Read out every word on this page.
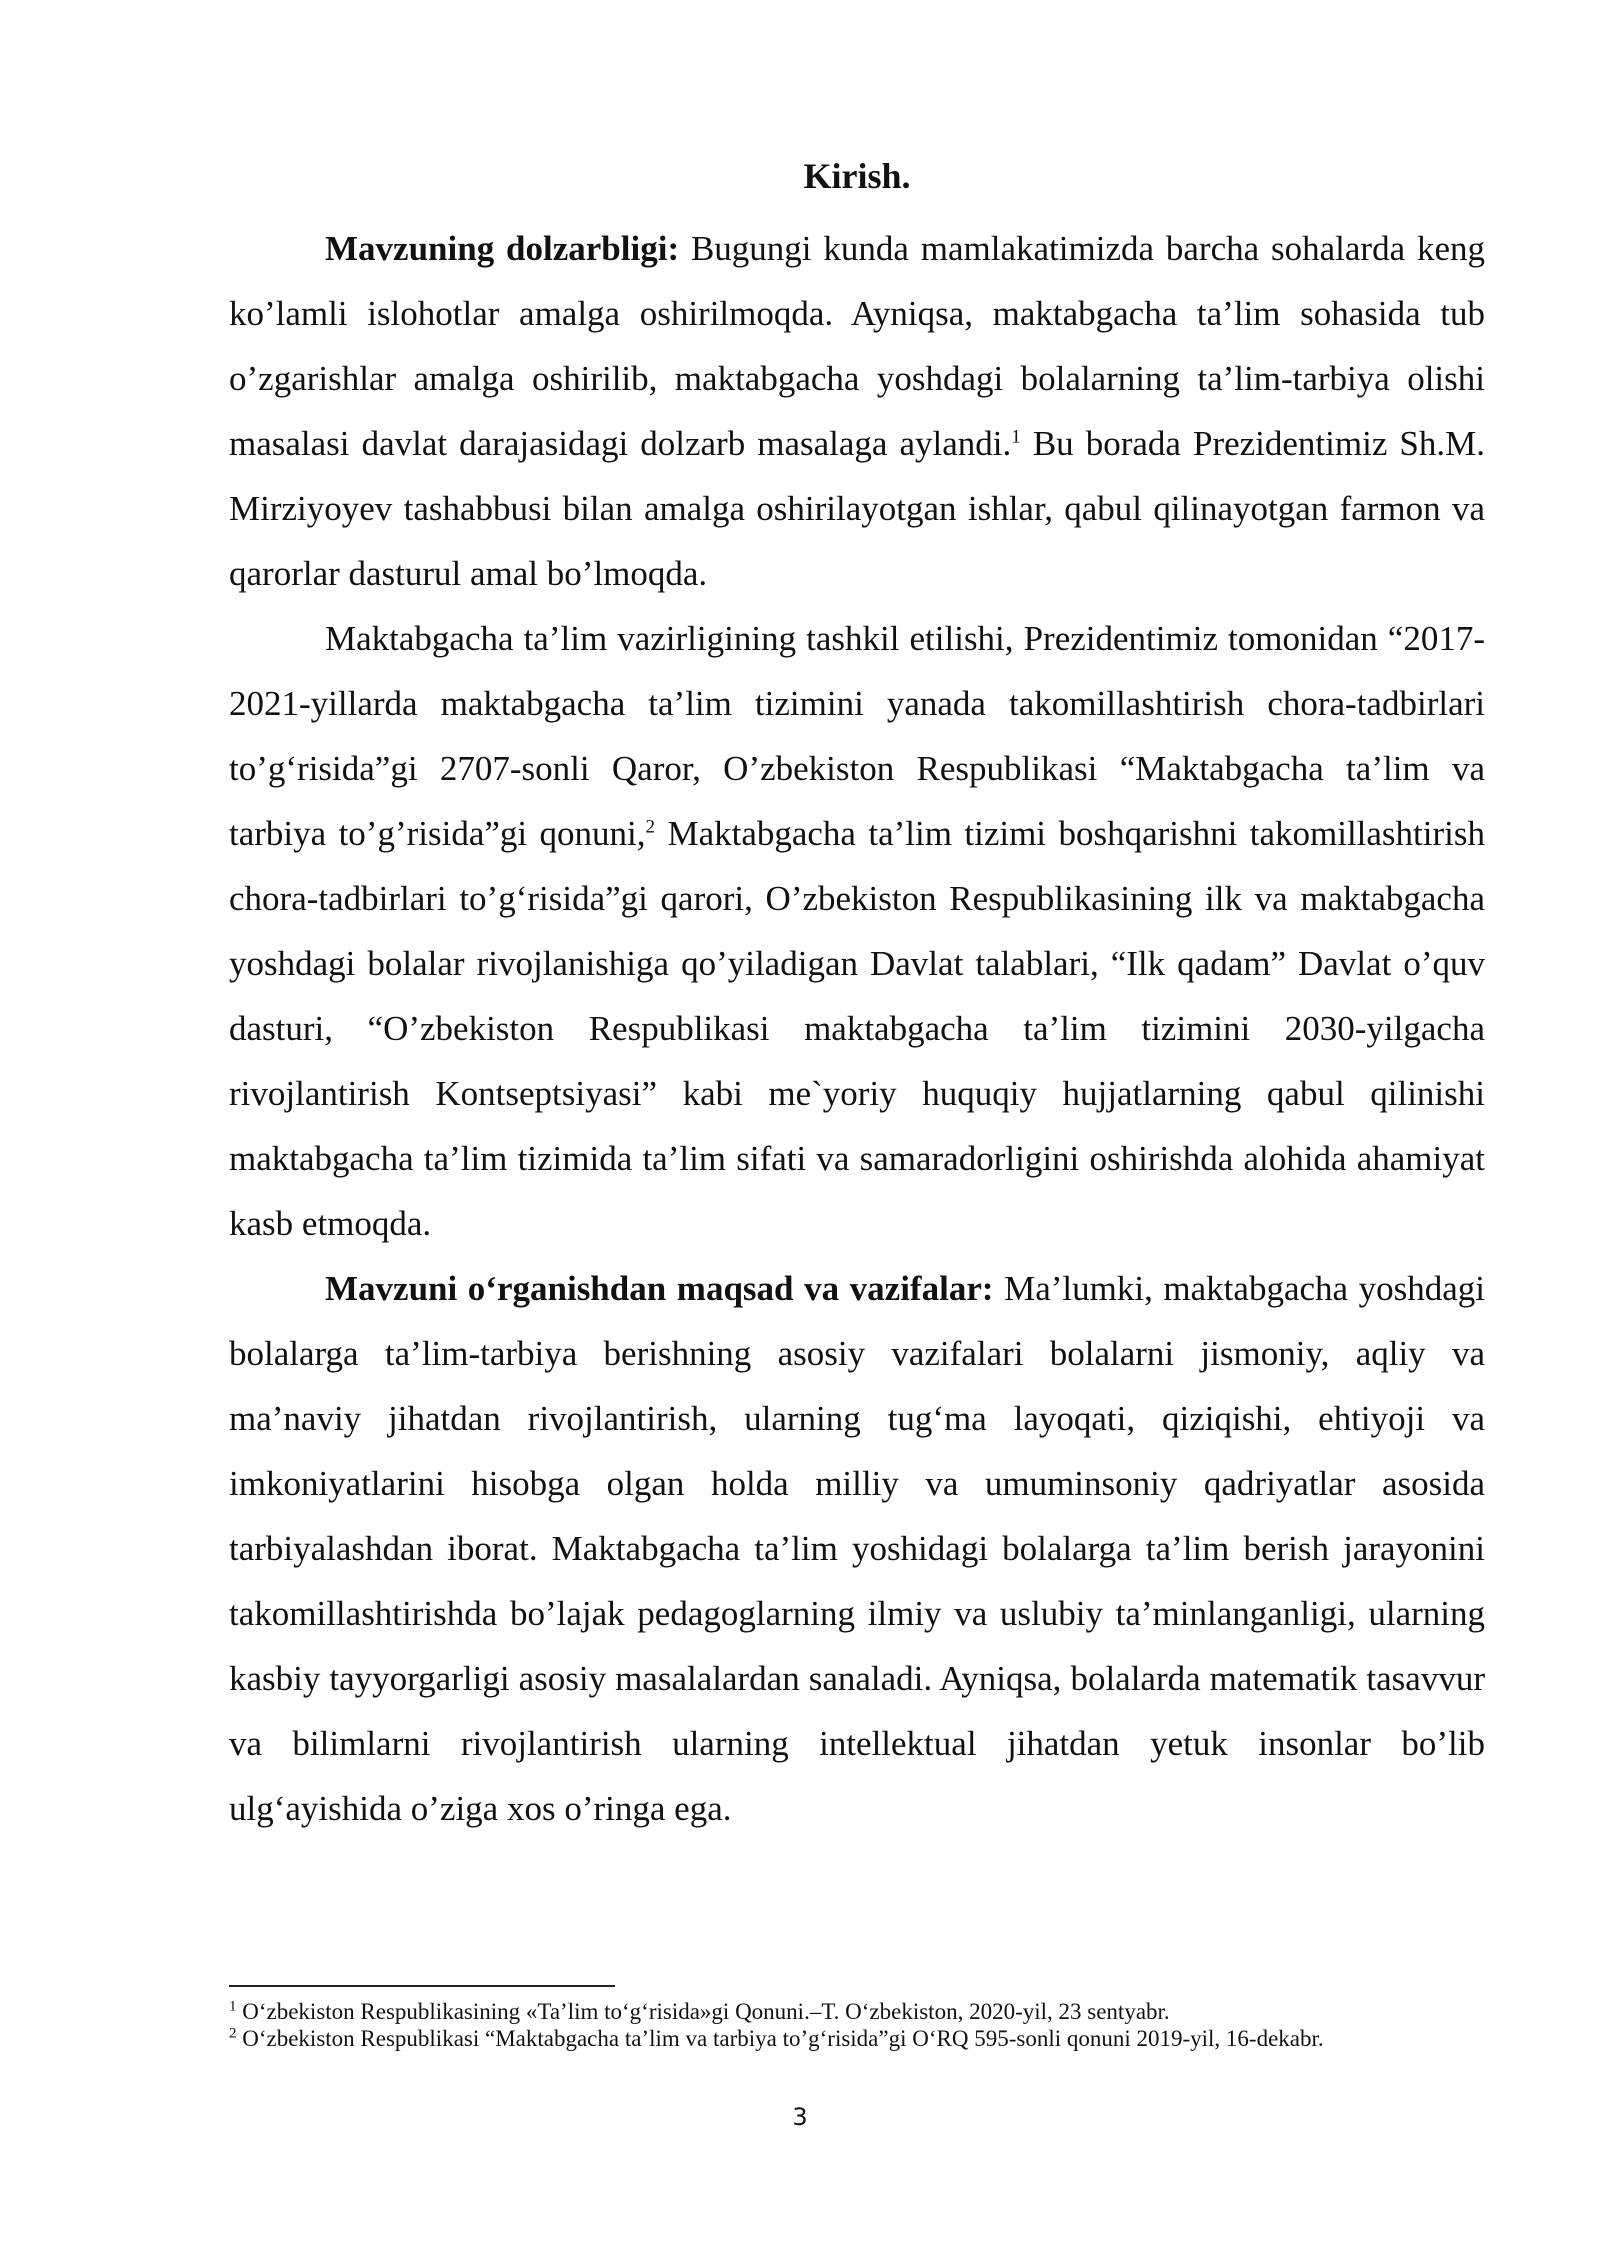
Kirish.

Mavzuning dolzarbligi: Bugungi kunda mamlakatimizda barcha sohalarda keng ko’lamli islohotlar amalga oshirilmoqda. Ayniqsa, maktabgacha ta’lim sohasida tub o’zgarishlar amalga oshirilib, maktabgacha yoshdagi bolalarning ta’lim-tarbiya olishi masalasi davlat darajasidagi dolzarb masalaga aylandi.$^1$ Bu borada Prezidentimiz Sh.M. Mirziyoyev tashabbusi bilan amalga oshirilayotgan ishlar, qabul qilinayotgan farmon va qarorlar dasturul amal bo’lmoqda.

Maktabgacha ta’lim vazirligining tashkil etilishi, Prezidentimiz tomonidan “2017-2021-yillarda maktabgacha ta’lim tizimini yanada takomillashtirish chora-tadbirlari to’g‘risida”gi 2707-sonli Qaror, O’zbekiston Respublikasi “Maktabgacha ta’lim va tarbiya to’g’risida”gi qonuni,$^2$ Maktabgacha ta’lim tizimi boshqarishni takomillashtirish chora-tadbirlari to’g‘risida”gi qarori, O’zbekiston Respublikasining ilk va maktabgacha yoshdagi bolalar rivojlanishiga qo’yiladigan Davlat talablari, “Ilk qadam” Davlat o’quv dasturi, “O’zbekiston Respublikasi maktabgacha ta’lim tizimini 2030-yilgacha rivojlantirish Kontseptsiyasi” kabi me`yoriy huquqiy hujjatlarning qabul qilinishi maktabgacha ta’lim tizimida ta’lim sifati va samaradorligini oshirishda alohida ahamiyat kasb etmoqda.

Mavzuni o‘rganishdan maqsad va vazifalar: Ma’lumki, maktabgacha yoshdagi bolalarga ta’lim-tarbiya berishning asosiy vazifalari bolalarni jismoniy, aqliy va ma’naviy jihatdan rivojlantirish, ularning tug‘ma layoqati, qiziqishi, ehtiyoji va imkoniyatlarini hisobga olgan holda milliy va umuminsoniy qadriyatlar asosida tarbiyalashdan iborat. Maktabgacha ta’lim yoshidagi bolalarga ta’lim berish jarayonini takomillashtirishda bo’lajak pedagoglarning ilmiy va uslubiy ta’minlanganligi, ularning kasbiy tayyorgarligi asosiy masalalardan sanaladi. Ayniqsa, bolalarda matematik tasavvur va bilimlarni rivojlantirish ularning intellektual jihatdan yetuk insonlar bo’lib ulg‘ayishida o’ziga xos o’ringa ega.

$^1$ O‘zbekiston Respublikasining «Ta’lim to‘g‘risida»gi Qonuni.–T. O‘zbekiston, 2020-yil, 23 sentyabr.

$^2$ O‘zbekiston Respublikasi “Maktabgacha ta’lim va tarbiya to’g‘risida”gi O‘RQ 595-sonli qonuni 2019-yil, 16-dekabr.

3
